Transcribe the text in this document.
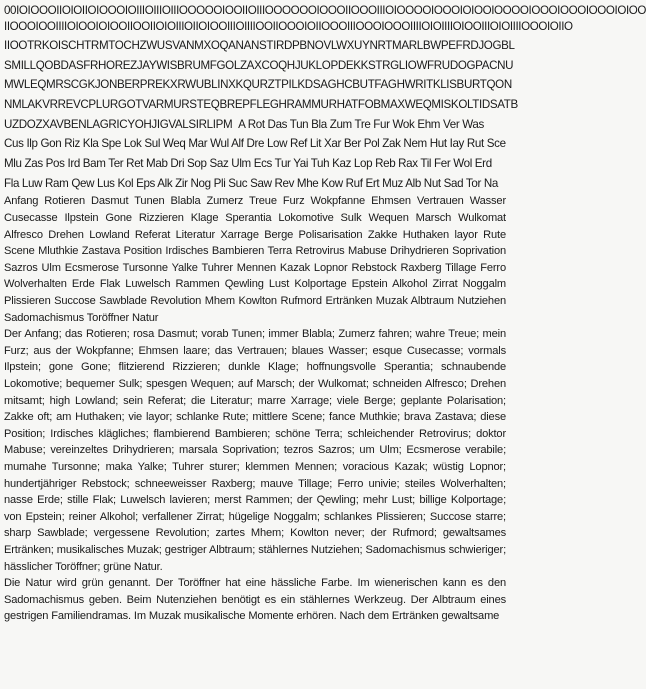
00IOIOOOIIOIOIIOIOOOIOIIIOIIIOIIIOOOOOIOOIIOIIIOOOOOOIOOOIIOOOIIIOIOOOOIOOOIOIOOIOOOOIOOOIOOOIOOOIOIOO
IIOOOIOOIIIIOIOOIOIOOIIOOIIOIOIIIOIIOIOOIIIOIIIIOOIIOOOIOIIOOOIIIOOOIOOOIIIIOIOIIIIOIOOIIIOIOIIIIOOOIOIIO
IIOOTRKOISCHTRMTOCHZWUSVANMXOQANANSTIRDPBNOVLWXUYNRTMARLBWPEFRDJOGBL
SMILLQOBDASFRHOREZJAYWISBRUMFGOLZAXCOQHJUKLOPDEKKSTRGLIOWFRUDOGPACNU
MWLEQMRSCGKJONBERPREKXRWUBLINXKQURZTPILKDSAGHCBUTFAGHWRITKLISBURTQON
NMLAKVRREVCPLURGOTVARMURSTEQBREPFLEGHRAMMURHATFOBMAXWEQMISKOLTIDSATB
UZDOZXAVBENLAGRICYOHJIGVALSIRLIPM A Rot Das Tun Bla Zum Tre Fur Wok Ehm Ver Was
Cus Ilp Gon Riz Kla Spe Lok Sul Weq Mar Wul Alf Dre Low Ref Lit Xar Ber Pol Zak Nem Hut Iay Rut Sce
Mlu Zas Pos Ird Bam Ter Ret Mab Dri Sop Saz Ulm Ecs Tur Yai Tuh Kaz Lop Reb Rax Til Fer Wol Erd
Fla Luw Ram Qew Lus Kol Eps Alk Zir Nog Pli Suc Saw Rev Mhe Kow Ruf Ert Muz Alb Nut Sad Tor Na

Anfang Rotieren Dasmut Tunen Blabla Zumerz Treue Furz Wokpfanne Ehmsen Vertrauen Wasser Cusecasse Ilpstein Gone Rizzieren Klage Sperantia Lokomotive Sulk Wequen Marsch Wulkomat Alfresco Drehen Lowland Referat Literatur Xarrage Berge Polisarisation Zakke Huthaken layor Rute Scene Mluthkie Zastava Position Irdisches Bambieren Terra Retrovirus Mabuse Drihydrieren Soprivation Sazros Ulm Ecsmerose Tursonne Yalke Tuhrer Mennen Kazak Lopnor Rebstock Raxberg Tillage Ferro Wolverhalten Erde Flak Luwelsch Rammen Qewling Lust Kolportage Epstein Alkohol Zirrat Noggalm Plissieren Succose Sawblade Revolution Mhem Kowlton Rufmord Ertränken Muzak Albtraum Nutziehen Sadomachismus Toröffner Natur

Der Anfang; das Rotieren; rosa Dasmut; vorab Tunen; immer Blabla; Zumerz fahren; wahre Treue; mein Furz; aus der Wokpfanne; Ehmsen laare; das Vertrauen; blaues Wasser; esque Cusecasse; vormals Ilpstein; gone Gone; flitzierend Rizzieren; dunkle Klage; hoffnungsvolle Sperantia; schnaubende Lokomotive; bequemer Sulk; spesgen Wequen; auf Marsch; der Wulkomat; schneiden Alfresco; Drehen mitsamt; high Lowland; sein Referat; die Literatur; marre Xarrage; viele Berge; geplante Polarisation; Zakke oft; am Huthaken; vie layor; schlanke Rute; mittlere Scene; fance Muthkie; brava Zastava; diese Position; Irdisches klägliches; flambierend Bambieren; schöne Terra; schleichender Retrovirus; doktor Mabuse; vereinzeltes Drihydrieren; marsala Soprivation; tezros Sazros; um Ulm; Ecsmerose verabile; mumahe Tursonne; maka Yalke; Tuhrer sturer; klemmen Mennen; voracious Kazak; wüstig Lopnor; hundertjähriger Rebstock; schneeweisser Raxberg; mauve Tillage; Ferro univie; steiles Wolverhalten; nasse Erde; stille Flak; Luwelsch lavieren; merst Rammen; der Qewling; mehr Lust; billige Kolportage; von Epstein; reiner Alkohol; verfallener Zirrat; hügelige Noggalm; schlankes Plissieren; Succose starre; sharp Sawblade; vergessene Revolution; zartes Mhem; Kowlton never; der Rufmord; gewaltsames Ertränken; musikalisches Muzak; gestriger Albtraum; stählernes Nutziehen; Sadomachismus schwieriger; hässlicher Toröffner; grüne Natur.

Die Natur wird grün genannt. Der Toröffner hat eine hässliche Farbe. Im wienerischen kann es den Sadomachismus geben. Beim Nutenziehen benötigt es ein stählernes Werkzeug. Der Albtraum eines gestrigen Familiendramas. Im Muzak musikalische Momente erhören. Nach dem Ertränken gewaltsame
